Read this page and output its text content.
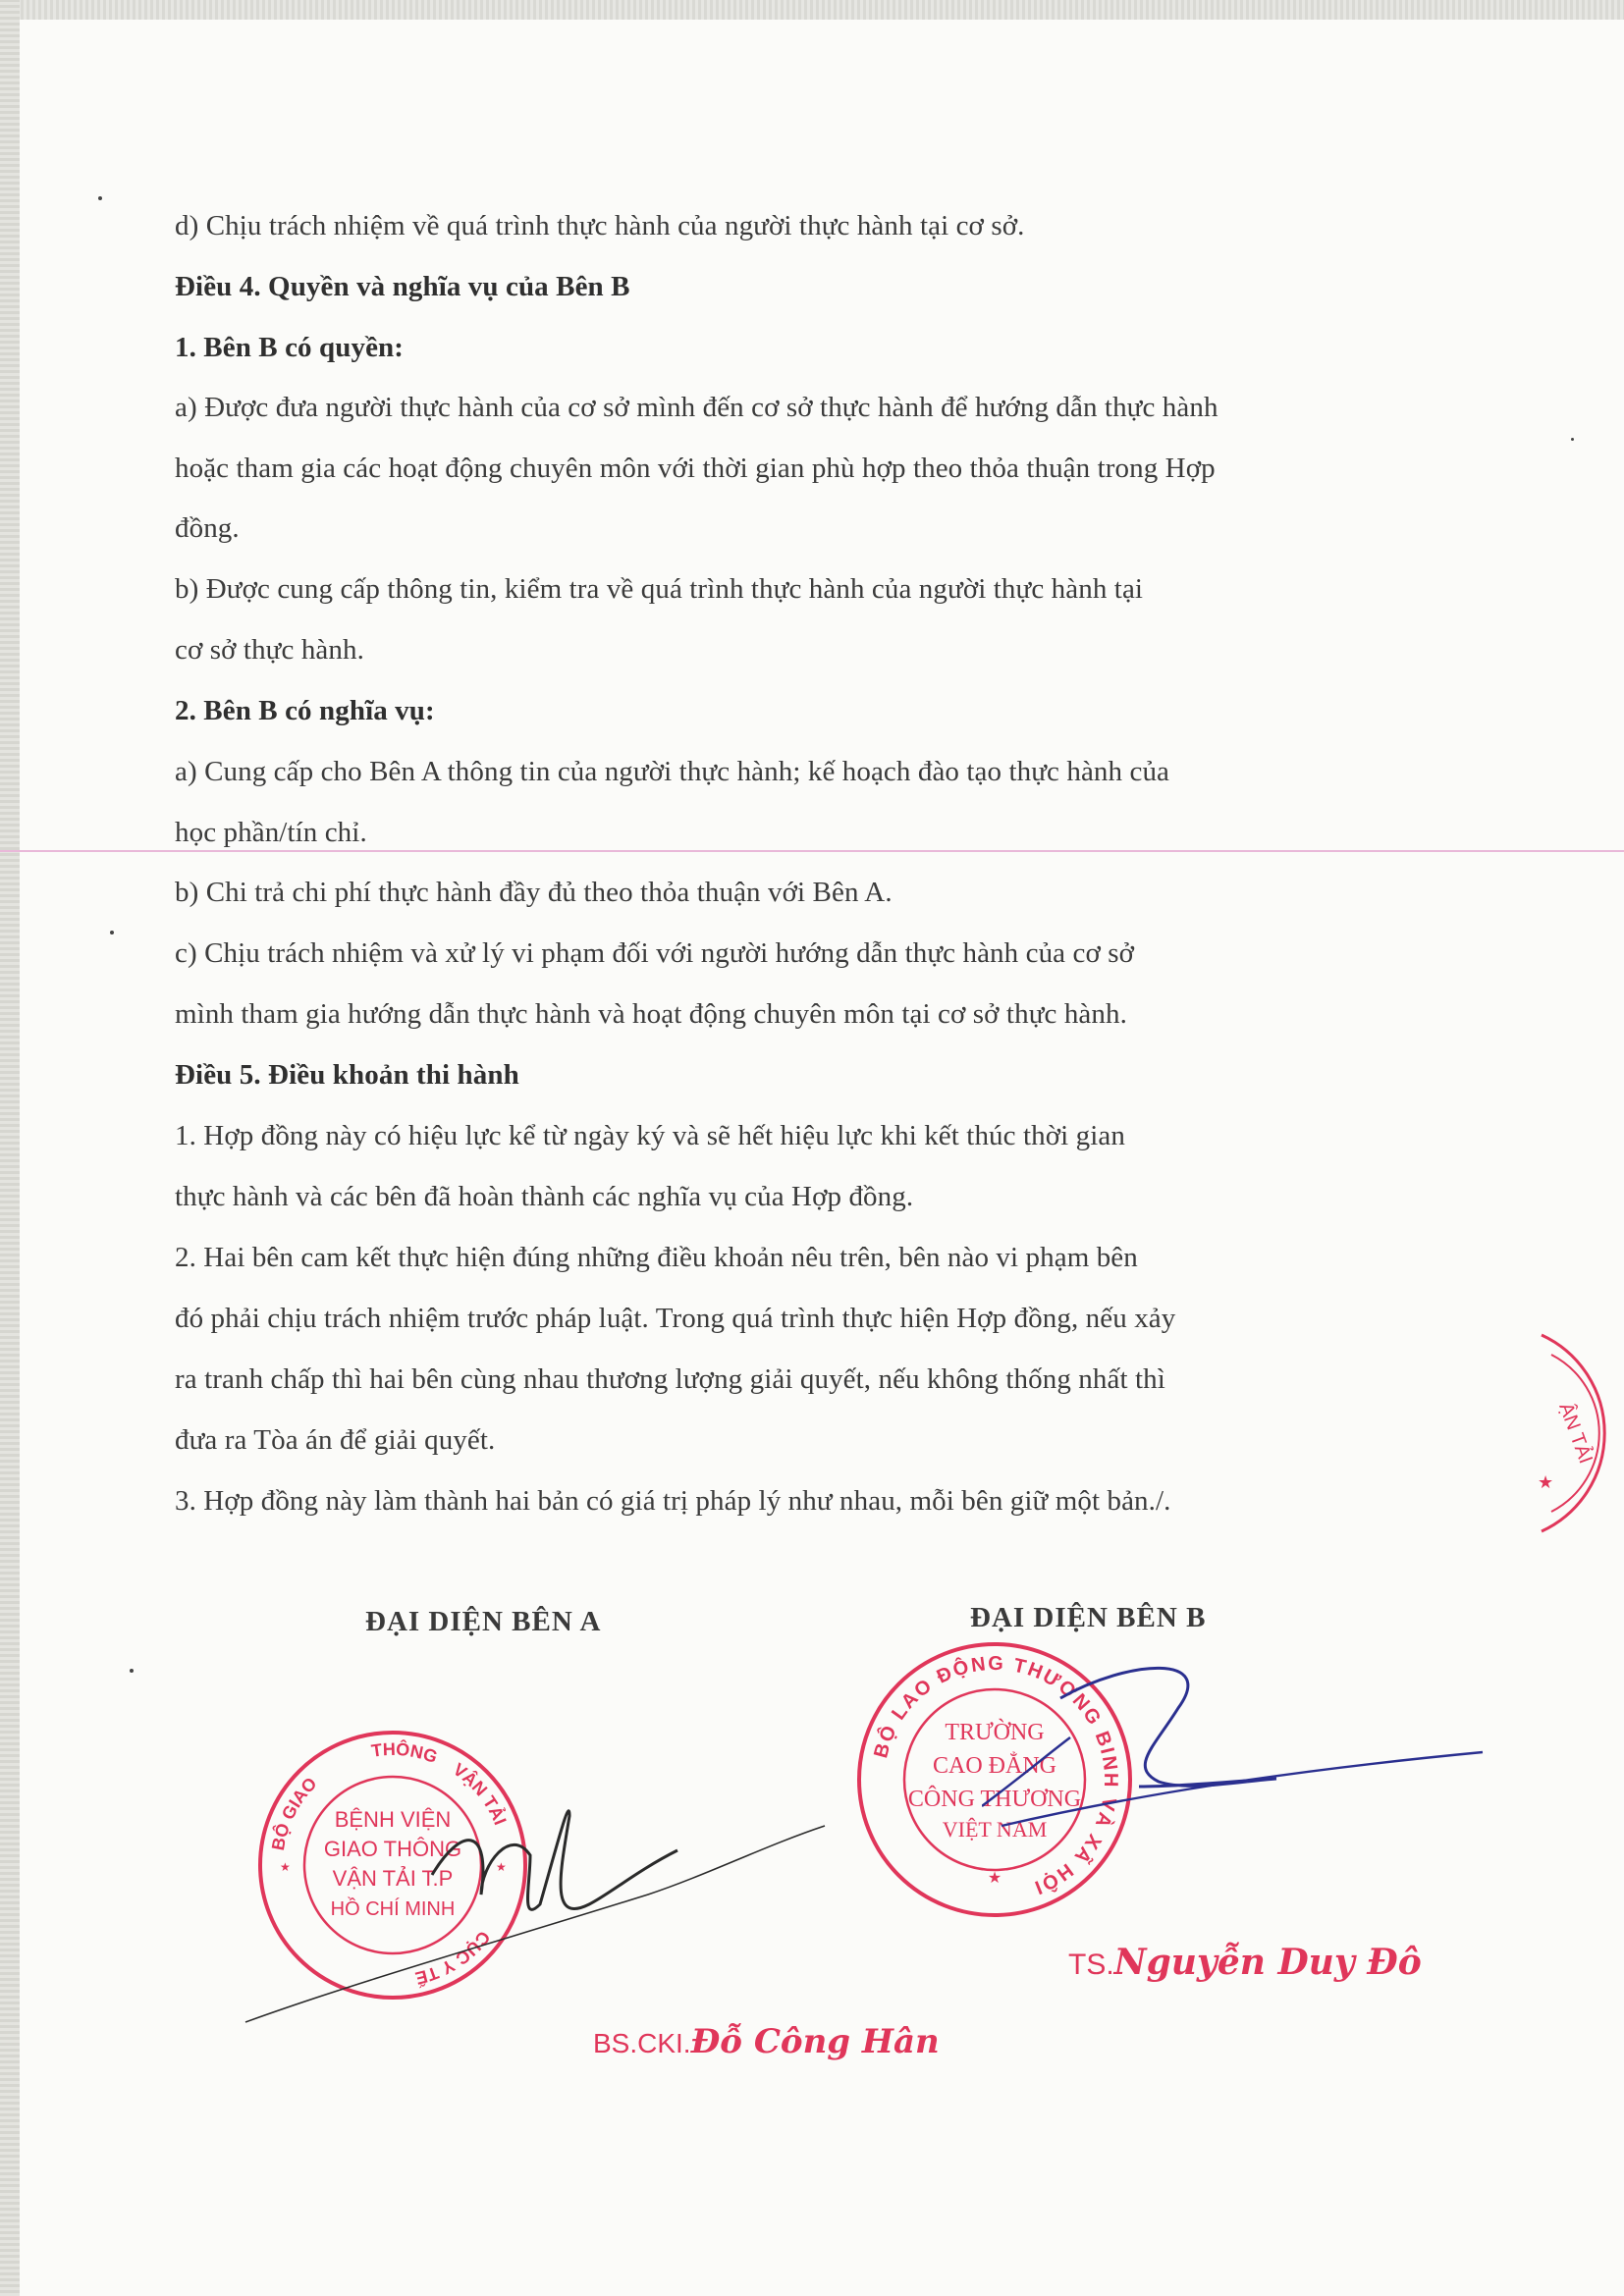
d) Chịu trách nhiệm về quá trình thực hành của người thực hành tại cơ sở.
Điều 4. Quyền và nghĩa vụ của Bên B
1. Bên B có quyền:
a) Được đưa người thực hành của cơ sở mình đến cơ sở thực hành để hướng dẫn thực hành
hoặc tham gia các hoạt động chuyên môn với thời gian phù hợp theo thỏa thuận trong Hợp
đồng.
b) Được cung cấp thông tin, kiểm tra về quá trình thực hành của người thực hành tại
cơ sở thực hành.
2. Bên B có nghĩa vụ:
a) Cung cấp cho Bên A thông tin của người thực hành; kế hoạch đào tạo thực hành của
học phần/tín chỉ.
b) Chi trả chi phí thực hành đầy đủ theo thỏa thuận với Bên A.
c) Chịu trách nhiệm và xử lý vi phạm đối với người hướng dẫn thực hành của cơ sở
mình tham gia hướng dẫn thực hành và hoạt động chuyên môn tại cơ sở thực hành.
Điều 5. Điều khoản thi hành
1. Hợp đồng này có hiệu lực kể từ ngày ký và sẽ hết hiệu lực khi kết thúc thời gian
thực hành và các bên đã hoàn thành các nghĩa vụ của Hợp đồng.
2. Hai bên cam kết thực hiện đúng những điều khoản nêu trên, bên nào vi phạm bên
đó phải chịu trách nhiệm trước pháp luật. Trong quá trình thực hiện Hợp đồng, nếu xảy
ra tranh chấp thì hai bên cùng nhau thương lượng giải quyết, nếu không thống nhất thì
đưa ra Tòa án để giải quyết.
3. Hợp đồng này làm thành hai bản có giá trị pháp lý như nhau, mỗi bên giữ một bản./.
ĐẠI DIỆN BÊN A	ĐẠI DIỆN BÊN B
ẬN TẢI
★
THÔNG
BỘ GIAO
VẬN TẢI
CỤC Y TẾ
★	★
BỆNH VIỆN
GIAO THÔNG
VẬN TẢI T.P
HỒ CHÍ MINH
BỘ LAO ĐỘNG THƯƠNG BINH VÀ XÃ HỘI
★
TRƯỜNG
CAO ĐẲNG
CÔNG THƯƠNG
VIỆT NAM
TS.Nguyễn Duy Đô
BS.CKI.Đỗ Công Hân
